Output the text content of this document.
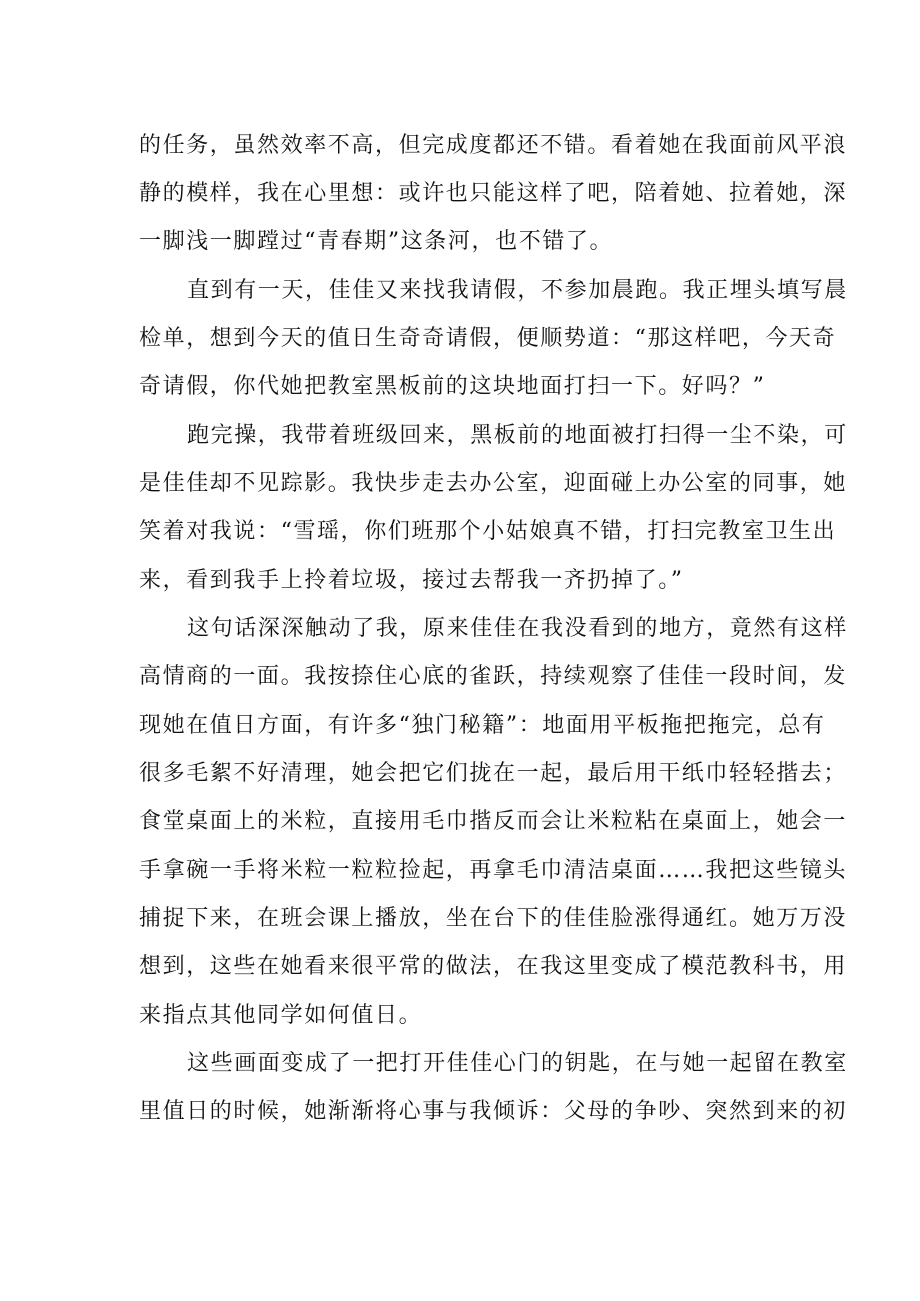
的任务，虽然效率不高，但完成度都还不错。看着她在我面前风平浪
静的模样，我在心里想：或许也只能这样了吧，陪着她、拉着她，深
一脚浅一脚蹚过“青春期”这条河，也不错了。
直到有一天，佳佳又来找我请假，不参加晨跑。我正埋头填写晨
检单，想到今天的值日生奇奇请假，便顺势道：“那这样吧，今天奇
奇请假，你代她把教室黑板前的这块地面打扫一下。好吗？”
跑完操，我带着班级回来，黑板前的地面被打扫得一尘不染，可
是佳佳却不见踪影。我快步走去办公室，迎面碰上办公室的同事，她
笑着对我说：“雪瑶，你们班那个小姑娘真不错，打扫完教室卫生出
来，看到我手上拎着垃圾，接过去帮我一齐扔掉了。”
这句话深深触动了我，原来佳佳在我没看到的地方，竟然有这样
高情商的一面。我按捺住心底的雀跃，持续观察了佳佳一段时间，发
现她在值日方面，有许多“独门秘籍”：地面用平板拖把拖完，总有
很多毛絮不好清理，她会把它们拢在一起，最后用干纸巾轻轻揩去；
食堂桌面上的米粒，直接用毛巾揩反而会让米粒粘在桌面上，她会一
手拿碗一手将米粒一粒粒捡起，再拿毛巾清洁桌面……我把这些镜头
捕捉下来，在班会课上播放，坐在台下的佳佳脸涨得通红。她万万没
想到，这些在她看来很平常的做法，在我这里变成了模范教科书，用
来指点其他同学如何值日。
这些画面变成了一把打开佳佳心门的钥匙，在与她一起留在教室
里值日的时候，她渐渐将心事与我倾诉：父母的争吵、突然到来的初
